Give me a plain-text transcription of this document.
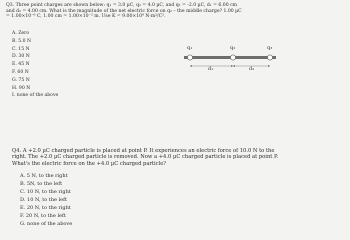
Q3. Three point charges are shown below: q₁ = 3.0 µC, q₂ = 4.0 µC, and q₃ = -2.0 µC, d₁ = 6.00 cm
and d₂ = 4.00 cm. What is the magnitude of the net electric force on q₂ – the middle charge? 1.00 µC
= 1.00×10⁻⁶ C, 1.00 cm = 1.00×10⁻² m. Use K = 9.00×10⁹ N·m²/C².
A. Zero
B. 5.0 N
C. 15 N
D. 30 N
E. 45 N
F. 60 N
G. 75 N
H. 90 N
I. none of the above
q₁	q₂	q₃
d₁	d₂
Q4. A +2.0 µC charged particle is placed at point P. It experiences an electric force of 10.0 N to the
right. The +2.0 µC charged particle is removed. Now a +4.0 µC charged particle is placed at point P.
What's the electric force on the +4.0 µC charged particle?
A. 5 N, to the right
B. 5N, to the left
C. 10 N, to the right
D. 10 N, to the left
E. 20 N, to the right
F. 20 N, to the left
G. none of the above
